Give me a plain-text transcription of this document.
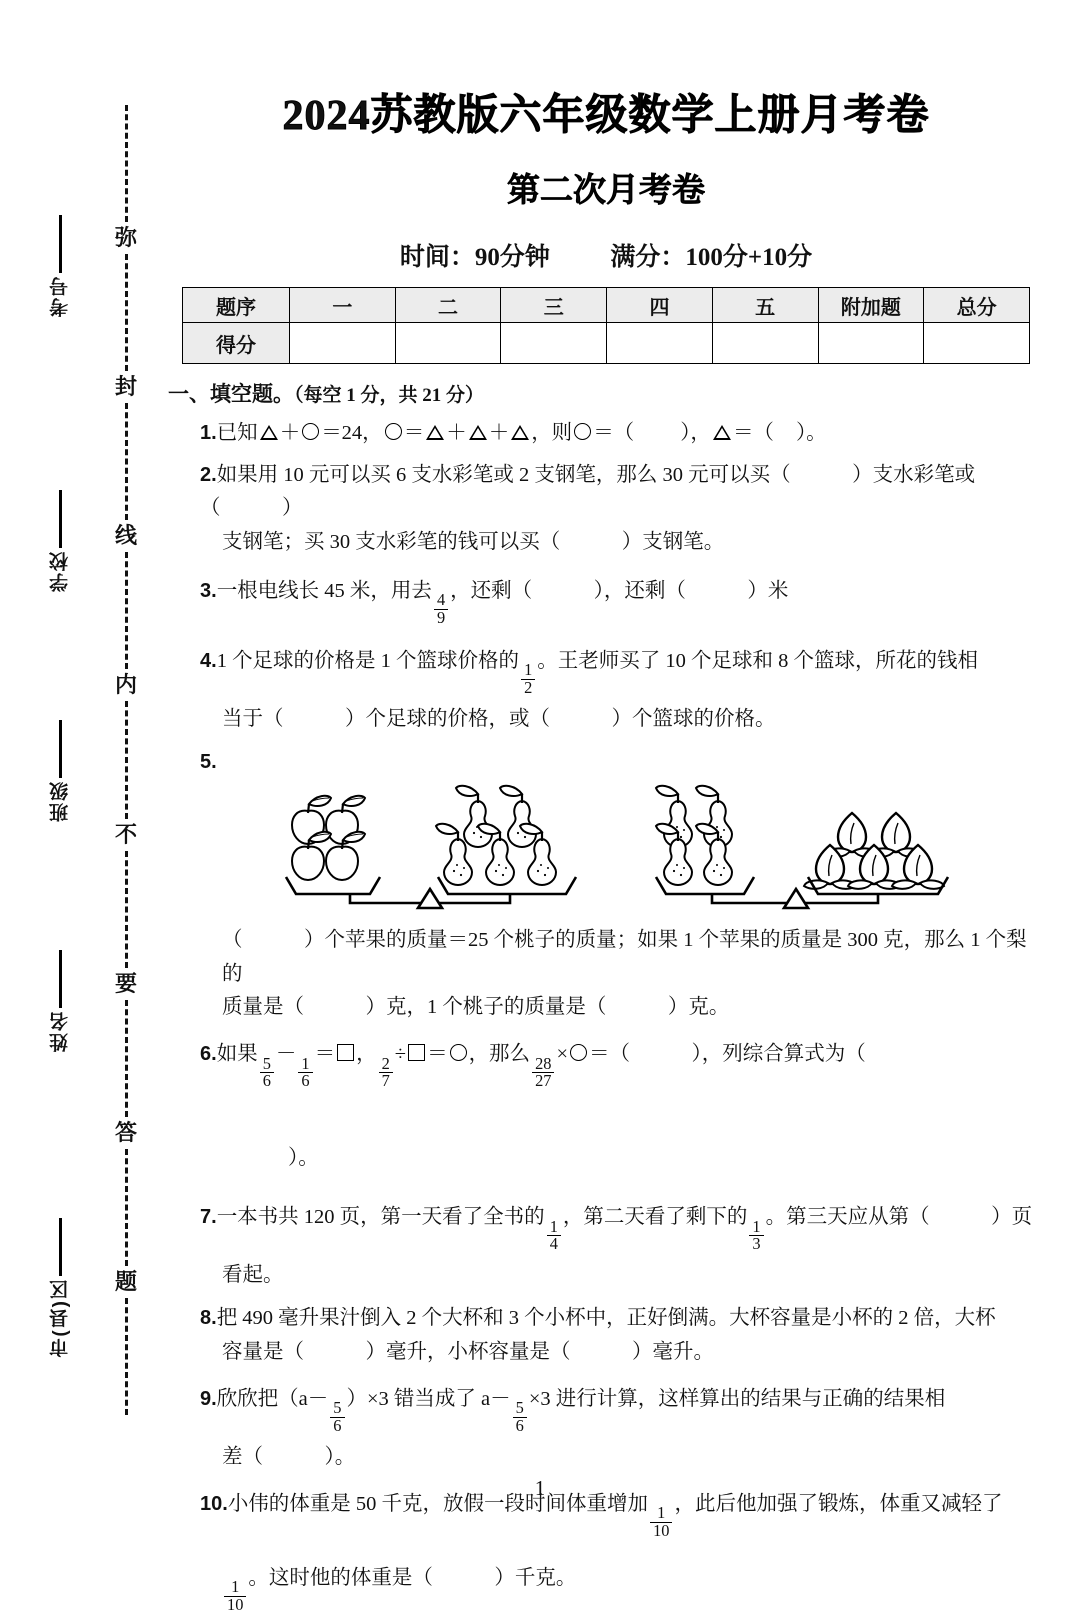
考号
学校
班级
姓名
市(县)区
弥
封
线
内
不
要
答
题
2024苏教版六年级数学上册月考卷
第二次月考卷
时间：90分钟 满分：100分+10分
题序	一	二	三	四	五	附加题	总分
得分							
一、填空题。（每空 1 分，共 21 分）
1.已知 ＋ ＝24， ＝ ＋ ＋ ，则 ＝（ ）， ＝（ ）。
2.如果用 10 元可以买 6 支水彩笔或 2 支钢笔，那么 30 元可以买（　　　）支水彩笔或（　　　）
支钢笔；买 30 支水彩笔的钱可以买（　　　）支钢笔。
3.一根电线长 45 米，用去
$\frac{4}{9}$
，还剩（　　　），还剩（　　　）米
4.1 个足球的价格是 1 个篮球价格的
$\frac{1}{2}$
。王老师买了 10 个足球和 8 个篮球，所花的钱相
当于（　　　）个足球的价格，或（　　　）个篮球的价格。
5.
（　　　）个苹果的质量＝25 个桃子的质量；如果 1 个苹果的质量是 300 克，那么 1 个梨的
质量是（　　　）克，1 个桃子的质量是（　　　）克。
6.如果
$\frac{5}{6}$
－
$\frac{1}{6}$
＝ ，
$\frac{2}{7}$
÷ ＝ ，那么
$\frac{28}{27}$
× ＝（　　　），列综合算式为（
）。
7.一本书共 120 页，第一天看了全书的
$\frac{1}{4}$
，第二天看了剩下的
$\frac{1}{3}$
。第三天应从第（　　　）页
看起。
8.把 490 毫升果汁倒入 2 个大杯和 3 个小杯中，正好倒满。大杯容量是小杯的 2 倍，大杯
容量是（　　　）毫升，小杯容量是（　　　）毫升。
9.欣欣把（a－
$\frac{5}{6}$
）×3 错当成了 a－
$\frac{5}{6}$
×3 进行计算，这样算出的结果与正确的结果相
差（　　　）。
10.小伟的体重是 50 千克，放假一段时间体重增加
$\frac{1}{10}$
，此后他加强了锻炼，体重又减轻了
$\frac{1}{10}$
。这时他的体重是（　　　）千克。
1
